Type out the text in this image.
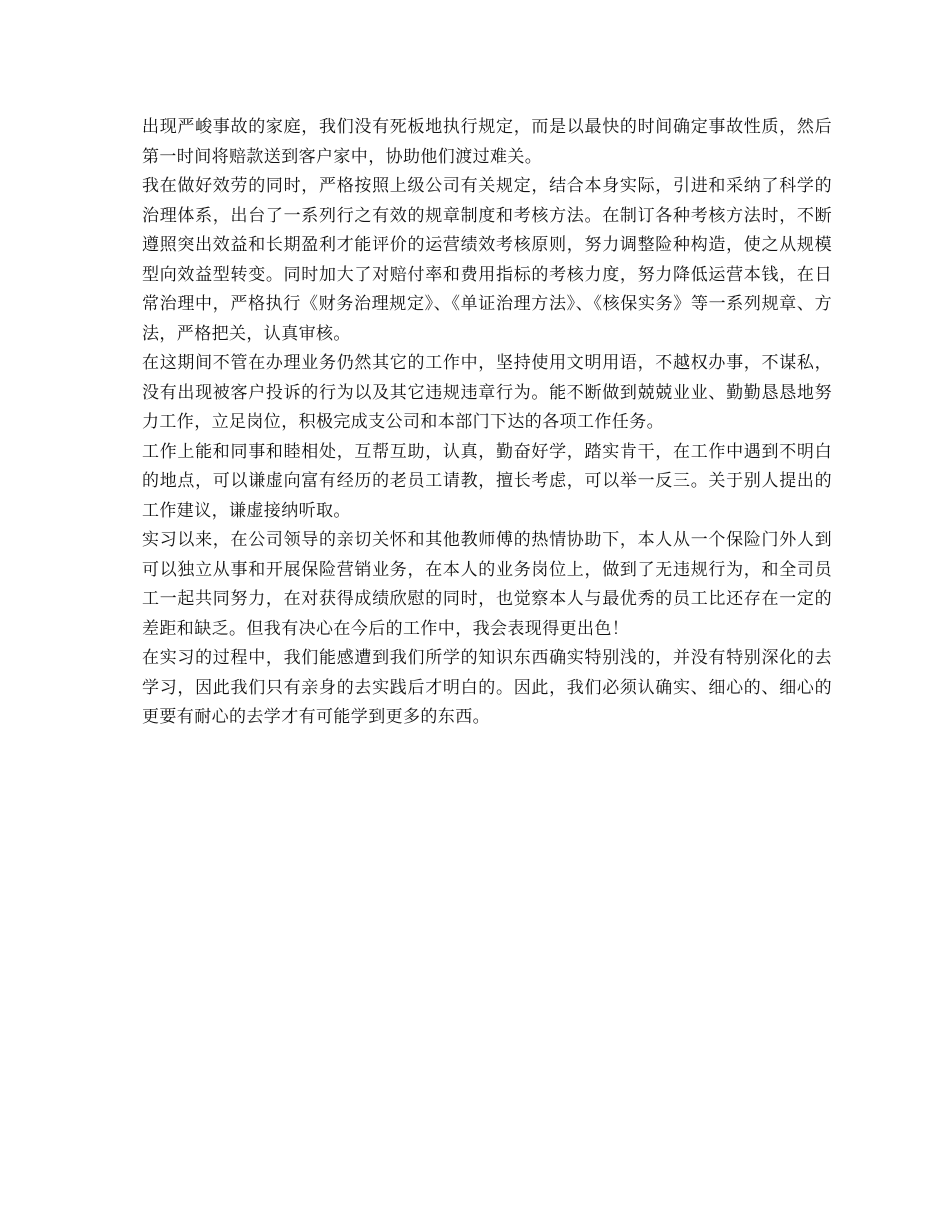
出现严峻事故的家庭，我们没有死板地执行规定，而是以最快的时间确定事故性质，然后第一时间将赔款送到客户家中，协助他们渡过难关。

我在做好效劳的同时，严格按照上级公司有关规定，结合本身实际，引进和采纳了科学的治理体系，出台了一系列行之有效的规章制度和考核方法。在制订各种考核方法时，不断遵照突出效益和长期盈利才能评价的运营绩效考核原则，努力调整险种构造，使之从规模型向效益型转变。同时加大了对赔付率和费用指标的考核力度，努力降低运营本钱，在日常治理中，严格执行《财务治理规定》、《单证治理方法》、《核保实务》等一系列规章、方法，严格把关，认真审核。

在这期间不管在办理业务仍然其它的工作中，坚持使用文明用语，不越权办事，不谋私，没有出现被客户投诉的行为以及其它违规违章行为。能不断做到兢兢业业、勤勤恳恳地努力工作，立足岗位，积极完成支公司和本部门下达的各项工作任务。

工作上能和同事和睦相处，互帮互助，认真，勤奋好学，踏实肯干，在工作中遇到不明白的地点，可以谦虚向富有经历的老员工请教，擅长考虑，可以举一反三。关于别人提出的工作建议，谦虚接纳听取。

实习以来，在公司领导的亲切关怀和其他教师傅的热情协助下，本人从一个保险门外人到可以独立从事和开展保险营销业务，在本人的业务岗位上，做到了无违规行为，和全司员工一起共同努力，在对获得成绩欣慰的同时，也觉察本人与最优秀的员工比还存在一定的差距和缺乏。但我有决心在今后的工作中，我会表现得更出色！

在实习的过程中，我们能感遭到我们所学的知识东西确实特别浅的，并没有特别深化的去学习，因此我们只有亲身的去实践后才明白的。因此，我们必须认确实、细心的、细心的更要有耐心的去学才有可能学到更多的东西。
